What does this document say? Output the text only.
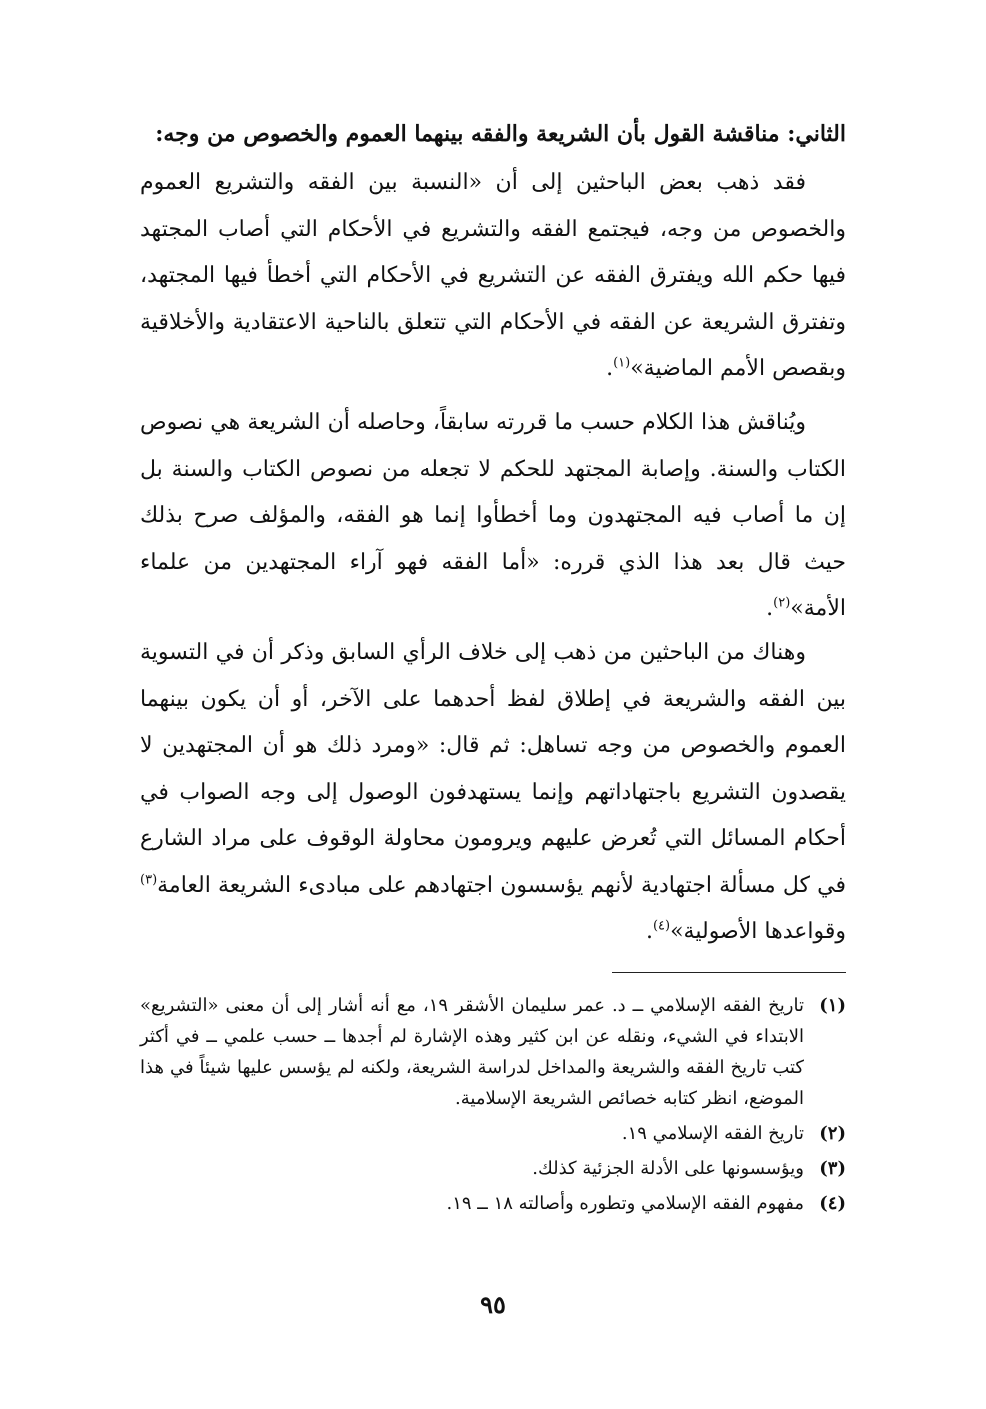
الثاني: مناقشة القول بأن الشريعة والفقه بينهما العموم والخصوص من وجه:

فقد ذهب بعض الباحثين إلى أن «النسبة بين الفقه والتشريع العموم والخصوص من وجه، فيجتمع الفقه والتشريع في الأحكام التي أصاب المجتهد فيها حكم الله ويفترق الفقه عن التشريع في الأحكام التي أخطأ فيها المجتهد، وتفترق الشريعة عن الفقه في الأحكام التي تتعلق بالناحية الاعتقادية والأخلاقية وبقصص الأمم الماضية»$^{(١)}$.

ويُناقش هذا الكلام حسب ما قررته سابقاً، وحاصله أن الشريعة هي نصوص الكتاب والسنة. وإصابة المجتهد للحكم لا تجعله من نصوص الكتاب والسنة بل إن ما أصاب فيه المجتهدون وما أخطأوا إنما هو الفقه، والمؤلف صرح بذلك حيث قال بعد هذا الذي قرره: «أما الفقه فهو آراء المجتهدين من علماء الأمة»$^{(٢)}$.

وهناك من الباحثين من ذهب إلى خلاف الرأي السابق وذكر أن في التسوية بين الفقه والشريعة في إطلاق لفظ أحدهما على الآخر، أو أن يكون بينهما العموم والخصوص من وجه تساهل: ثم قال: «ومرد ذلك هو أن المجتهدين لا يقصدون التشريع باجتهاداتهم وإنما يستهدفون الوصول إلى وجه الصواب في أحكام المسائل التي تُعرض عليهم ويرومون محاولة الوقوف على مراد الشارع في كل مسألة اجتهادية لأنهم يؤسسون اجتهادهم على مبادىء الشريعة العامة$^{(٣)}$ وقواعدها الأصولية»$^{(٤)}$.

(١)
تاريخ الفقه الإسلامي ــ د. عمر سليمان الأشقر ١٩، مع أنه أشار إلى أن معنى «التشريع» الابتداء في الشيء، ونقله عن ابن كثير وهذه الإشارة لم أجدها ــ حسب علمي ــ في أكثر كتب تاريخ الفقه والشريعة والمداخل لدراسة الشريعة، ولكنه لم يؤسس عليها شيئاً في هذا الموضع، انظر كتابه خصائص الشريعة الإسلامية.
(٢)
تاريخ الفقه الإسلامي ١٩.
(٣)
ويؤسسونها على الأدلة الجزئية كذلك.
(٤)
مفهوم الفقه الإسلامي وتطوره وأصالته ١٨ ــ ١٩.
٩٥
